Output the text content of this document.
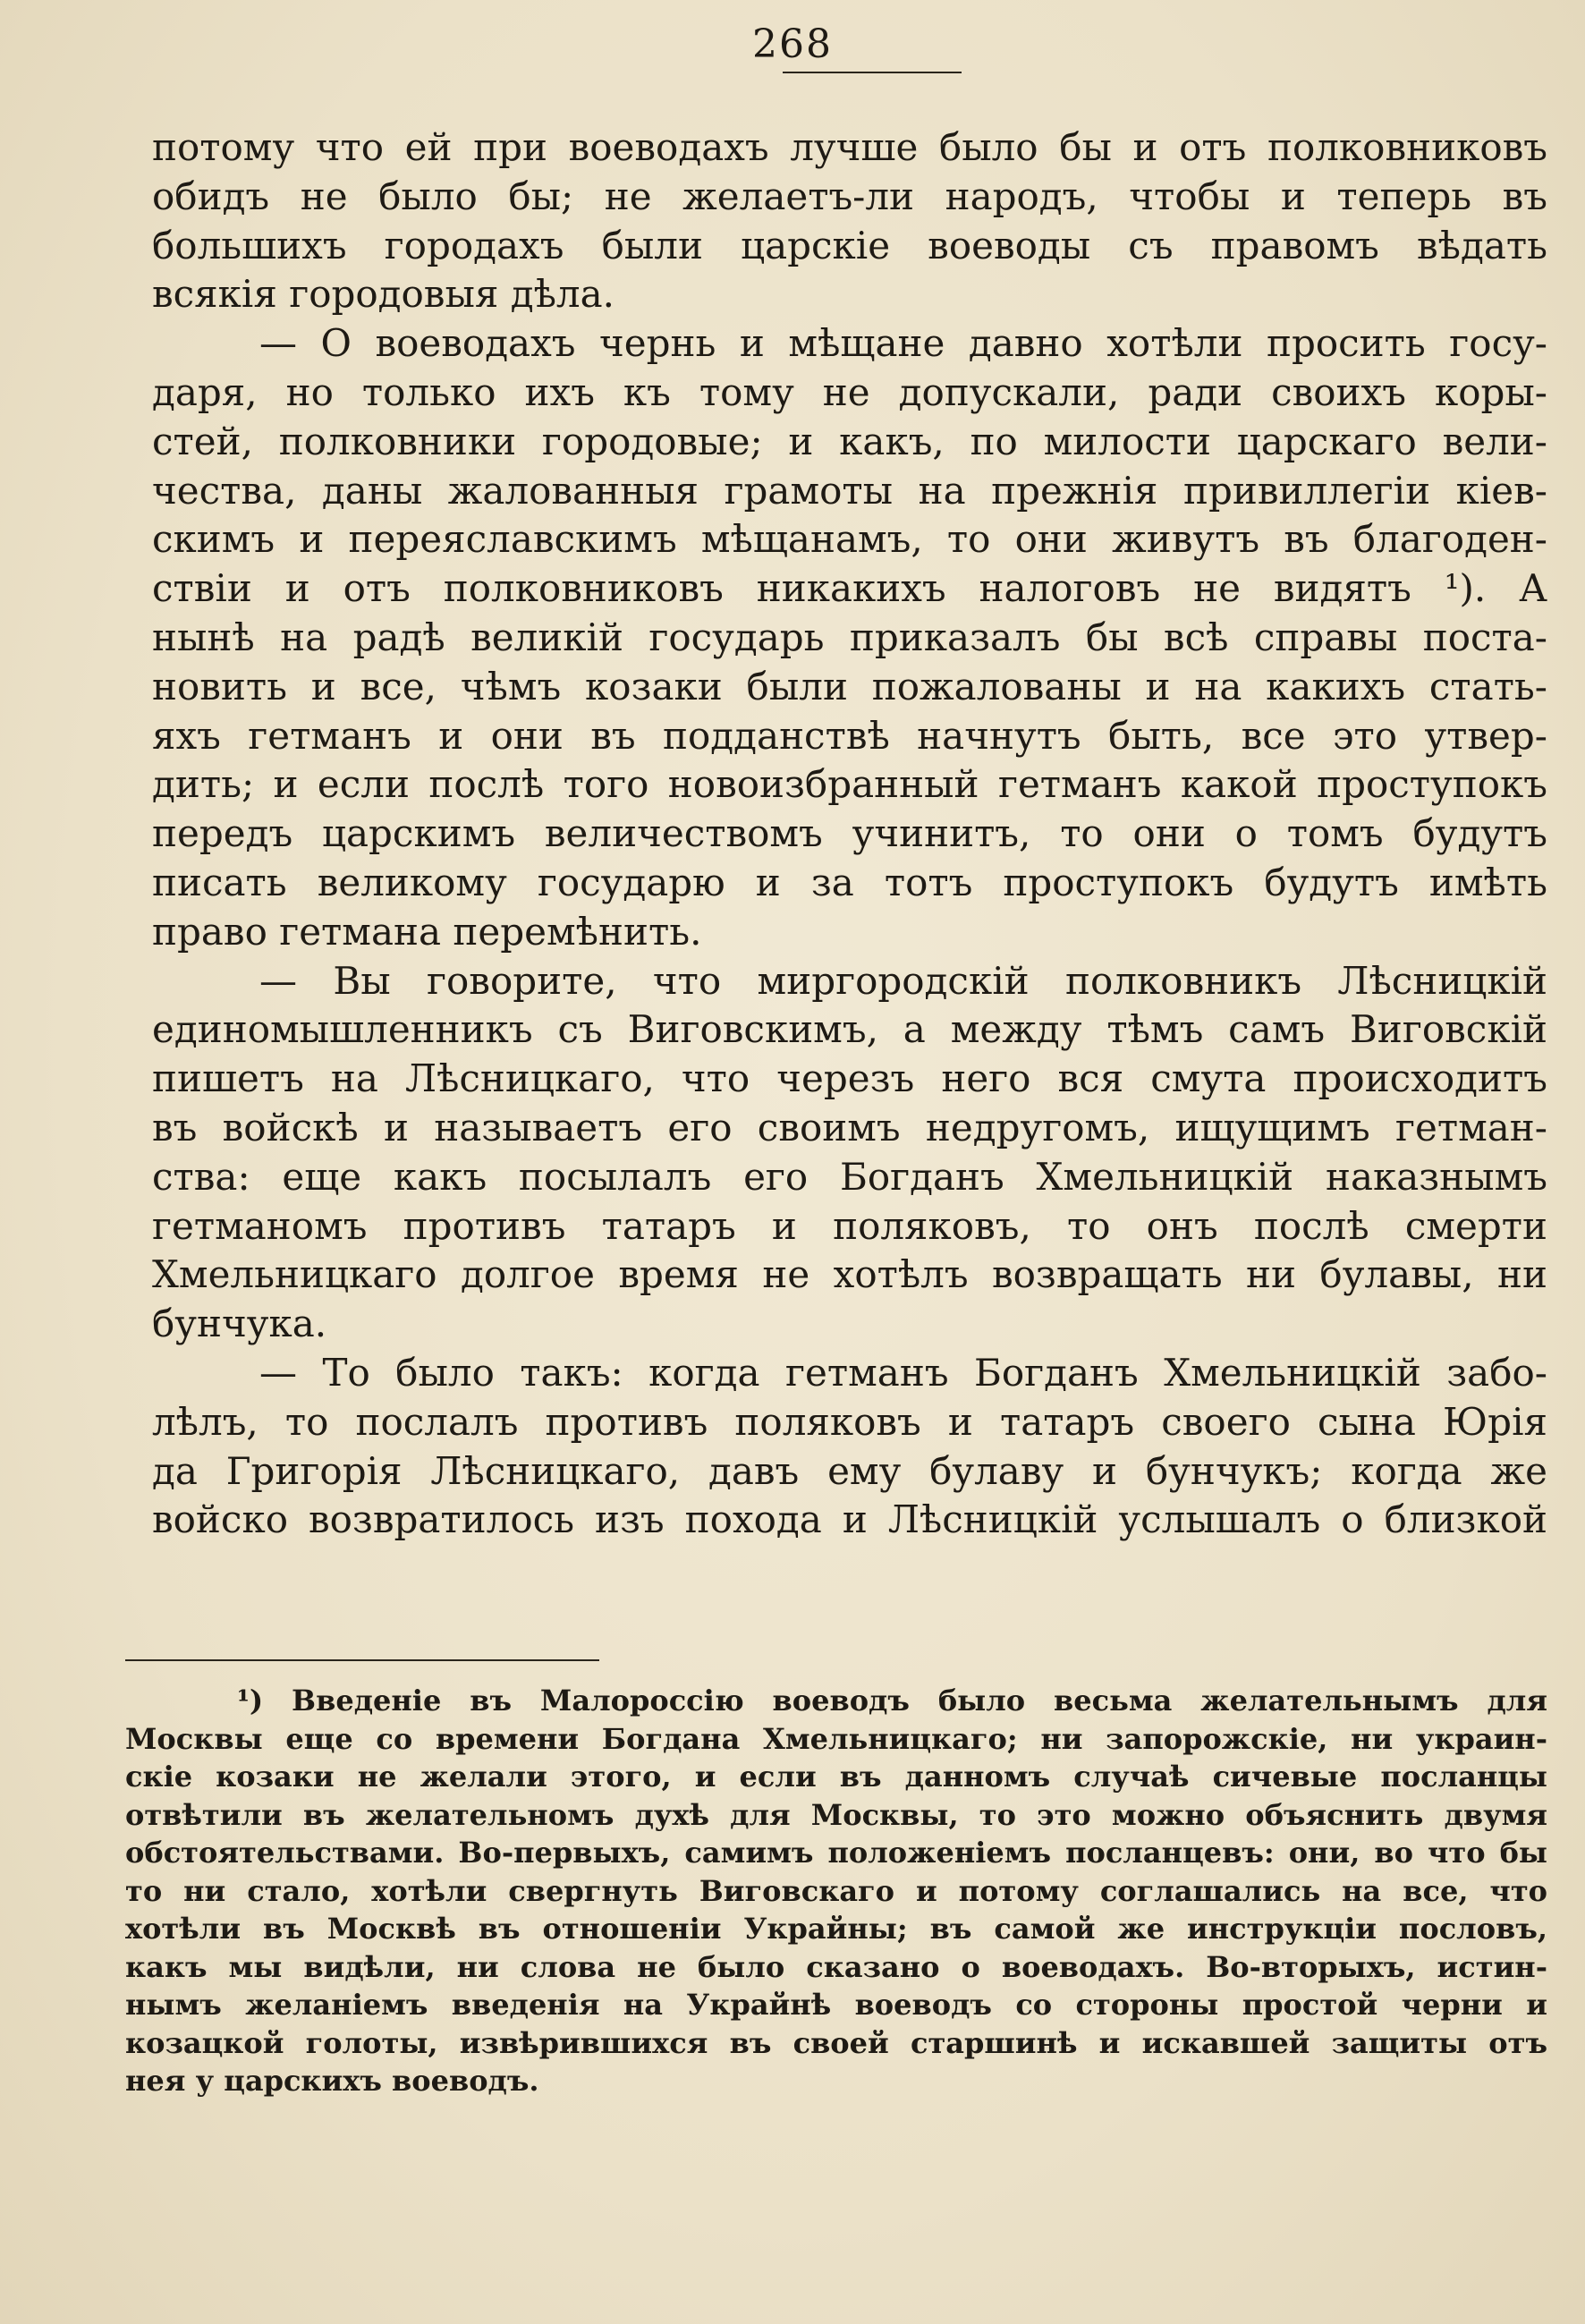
268
потому что ей при воеводахъ лучше было бы и отъ полковниковъ
обидъ не было бы; не желаетъ-ли народъ, чтобы и теперь въ
большихъ городахъ были царскіе воеводы съ правомъ вѣдать
всякія городовыя дѣла.
— О воеводахъ чернь и мѣщане давно хотѣли просить госу-
даря, но только ихъ къ тому не допускали, ради своихъ коры-
стей, полковники городовые; и какъ, по милости царскаго вели-
чества, даны жалованныя грамоты на прежнія привиллегіи кіев-
скимъ и переяславскимъ мѣщанамъ, то они живутъ въ благоден-
ствіи и отъ полковниковъ никакихъ налоговъ не видятъ ¹). А
нынѣ на радѣ великій государь приказалъ бы всѣ справы поста-
новить и все, чѣмъ козаки были пожалованы и на какихъ стать-
яхъ гетманъ и они въ подданствѣ начнутъ быть, все это утвер-
дить; и если послѣ того новоизбранный гетманъ какой проступокъ
передъ царскимъ величествомъ учинитъ, то они о томъ будутъ
писать великому государю и за тотъ проступокъ будутъ имѣть
право гетмана перемѣнить.
— Вы говорите, что миргородскій полковникъ Лѣсницкій
единомышленникъ съ Виговскимъ, а между тѣмъ самъ Виговскій
пишетъ на Лѣсницкаго, что черезъ него вся смута происходитъ
въ войскѣ и называетъ его своимъ недругомъ, ищущимъ гетман-
ства: еще какъ посылалъ его Богданъ Хмельницкій наказнымъ
гетманомъ противъ татаръ и поляковъ, то онъ послѣ смерти
Хмельницкаго долгое время не хотѣлъ возвращать ни булавы, ни
бунчука.
— То было такъ: когда гетманъ Богданъ Хмельницкій забо-
лѣлъ, то послалъ противъ поляковъ и татаръ своего сына Юрія
да Григорія Лѣсницкаго, давъ ему булаву и бунчукъ; когда же
войско возвратилось изъ похода и Лѣсницкій услышалъ о близкой
¹) Введеніе въ Малороссію воеводъ было весьма желательнымъ для
Москвы еще со времени Богдана Хмельницкаго; ни запорожскіе, ни украин-
скіе козаки не желали этого, и если въ данномъ случаѣ сичевые посланцы
отвѣтили въ желательномъ духѣ для Москвы, то это можно объяснить двумя
обстоятельствами. Во-первыхъ, самимъ положеніемъ посланцевъ: они, во что бы
то ни стало, хотѣли свергнуть Виговскаго и потому соглашались на все, что
хотѣли въ Москвѣ въ отношеніи Украйны; въ самой же инструкціи пословъ,
какъ мы видѣли, ни слова не было сказано о воеводахъ. Во-вторыхъ, истин-
нымъ желаніемъ введенія на Украйнѣ воеводъ со стороны простой черни и
козацкой голоты, извѣрившихся въ своей старшинѣ и искавшей защиты отъ
нея у царскихъ воеводъ.
